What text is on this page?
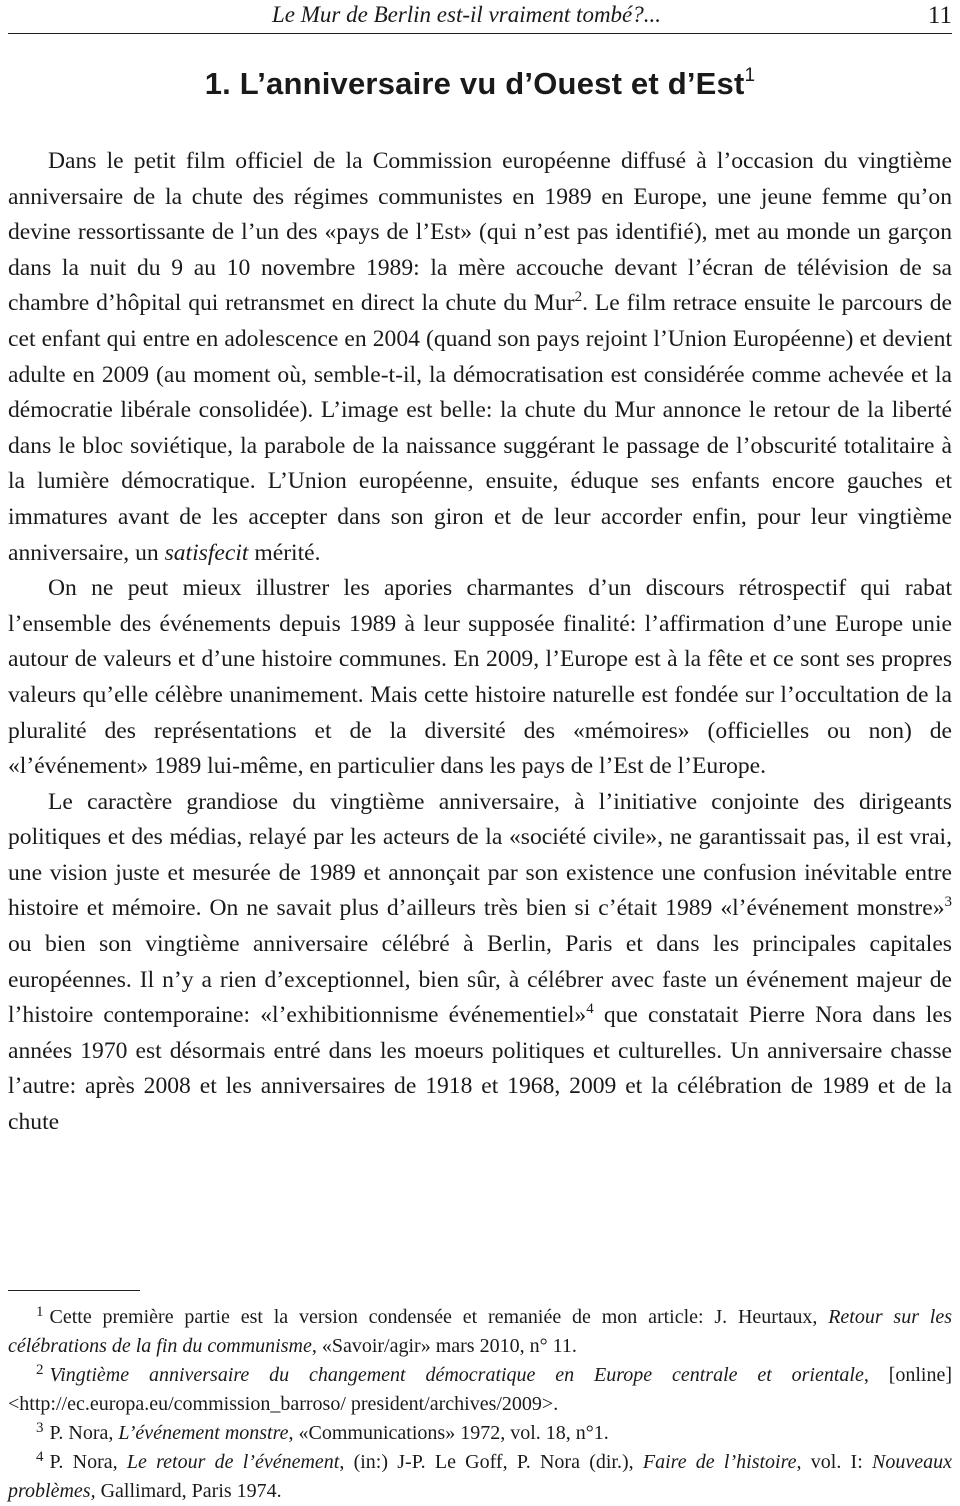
Le Mur de Berlin est-il vraiment tombé?...	11
1. L’anniversaire vu d’Ouest et d’Est$^1$

Dans le petit film officiel de la Commission européenne diffusé à l’occasion du vingtième anniversaire de la chute des régimes communistes en 1989 en Europe, une jeune femme qu’on devine ressortissante de l’un des «pays de l’Est» (qui n’est pas identifié), met au monde un garçon dans la nuit du 9 au 10 novembre 1989: la mère accouche devant l’écran de télévision de sa chambre d’hôpital qui retransmet en direct la chute du Mur$^2$. Le film retrace ensuite le parcours de cet enfant qui entre en adolescence en 2004 (quand son pays rejoint l’Union Européenne) et devient adulte en 2009 (au moment où, semble-t-il, la démocratisation est considérée comme achevée et la démocratie libérale consolidée). L’image est belle: la chute du Mur annonce le retour de la liberté dans le bloc soviétique, la parabole de la naissance suggérant le passage de l’obscurité totalitaire à la lumière démocratique. L’Union européenne, ensuite, éduque ses enfants encore gauches et immatures avant de les accepter dans son giron et de leur accorder enfin, pour leur vingtième anniversaire, un satisfecit mérité.

On ne peut mieux illustrer les apories charmantes d’un discours rétrospectif qui rabat l’ensemble des événements depuis 1989 à leur supposée finalité: l’affirmation d’une Europe unie autour de valeurs et d’une histoire communes. En 2009, l’Europe est à la fête et ce sont ses propres valeurs qu’elle célèbre unanimement. Mais cette histoire naturelle est fondée sur l’occultation de la pluralité des représentations et de la diversité des «mémoires» (officielles ou non) de «l’événement» 1989 lui-même, en particulier dans les pays de l’Est de l’Europe.

Le caractère grandiose du vingtième anniversaire, à l’initiative conjointe des dirigeants politiques et des médias, relayé par les acteurs de la «société civile», ne garantissait pas, il est vrai, une vision juste et mesurée de 1989 et annonçait par son existence une confusion inévitable entre histoire et mémoire. On ne savait plus d’ailleurs très bien si c’était 1989 «l’événement monstre»$^3$ ou bien son vingtième anniversaire célébré à Berlin, Paris et dans les principales capitales européennes. Il n’y a rien d’exceptionnel, bien sûr, à célébrer avec faste un événement majeur de l’histoire contemporaine: «l’exhibitionnisme événementiel»$^4$ que constatait Pierre Nora dans les années 1970 est désormais entré dans les moeurs politiques et culturelles. Un anniversaire chasse l’autre: après 2008 et les anniversaires de 1918 et 1968, 2009 et la célébration de 1989 et de la chute

$^1$ Cette première partie est la version condensée et remaniée de mon article: J. Heurtaux, Retour sur les célébrations de la fin du communisme, «Savoir/agir» mars 2010, n° 11.

$^2$ Vingtième anniversaire du changement démocratique en Europe centrale et orientale, [online] <http://ec.europa.eu/commission_barroso/ president/archives/2009>.

$^3$ P. Nora, L’événement monstre, «Communications» 1972, vol. 18, n°1.

$^4$ P. Nora, Le retour de l’événement, (in:) J-P. Le Goff, P. Nora (dir.), Faire de l’histoire, vol. I: Nouveaux problèmes, Gallimard, Paris 1974.
